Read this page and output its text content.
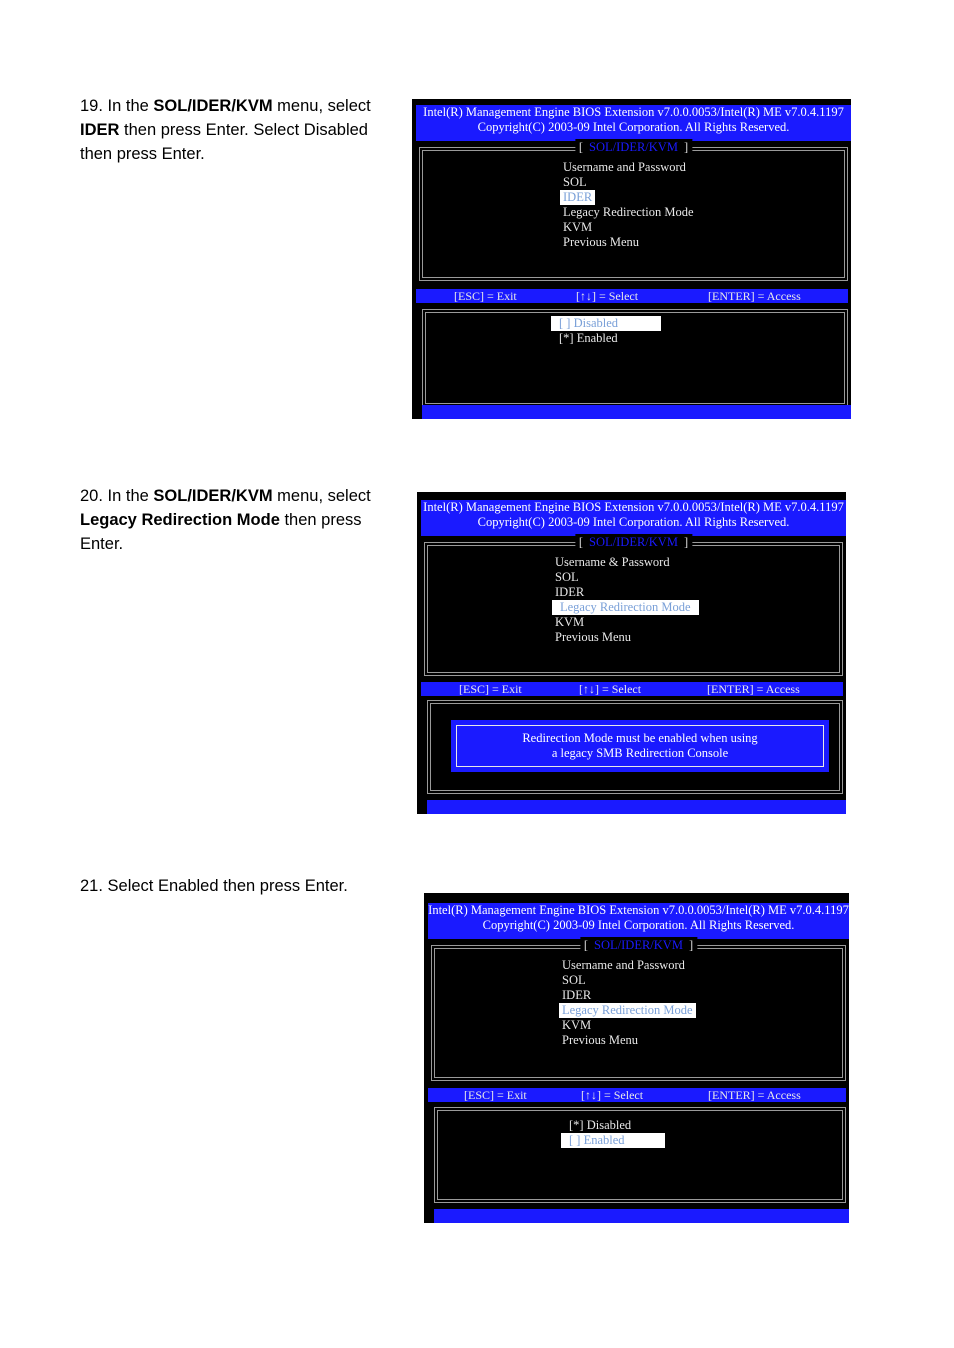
19. In the SOL/IDER/KVM menu, select IDER then press Enter. Select Disabled then press Enter.
Intel(R) Management Engine BIOS Extension v7.0.0.0053/Intel(R) ME v7.0.4.1197
Copyright(C) 2003-09 Intel Corporation. All Rights Reserved.
[ SOL/IDER/KVM ]
Username and Password
SOL
IDER
Legacy Redirection Mode
KVM
Previous Menu
[ESC] = Exit	[↑↓] = Select	[ENTER] = Access
[ ] Disabled
[*] Enabled
20. In the SOL/IDER/KVM menu, select Legacy Redirection Mode then press Enter.
Intel(R) Management Engine BIOS Extension v7.0.0.0053/Intel(R) ME v7.0.4.1197
Copyright(C) 2003-09 Intel Corporation. All Rights Reserved.
[ SOL/IDER/KVM ]
Username & Password
SOL
IDER
Legacy Redirection Mode
KVM
Previous Menu
[ESC] = Exit	[↑↓] = Select	[ENTER] = Access
Redirection Mode must be enabled when using
a legacy SMB Redirection Console
21. Select Enabled then press Enter.
Intel(R) Management Engine BIOS Extension v7.0.0.0053/Intel(R) ME v7.0.4.1197
Copyright(C) 2003-09 Intel Corporation. All Rights Reserved.
[ SOL/IDER/KVM ]
Username and Password
SOL
IDER
Legacy Redirection Mode
KVM
Previous Menu
[ESC] = Exit	[↑↓] = Select	[ENTER] = Access
[*] Disabled
[ ] Enabled
